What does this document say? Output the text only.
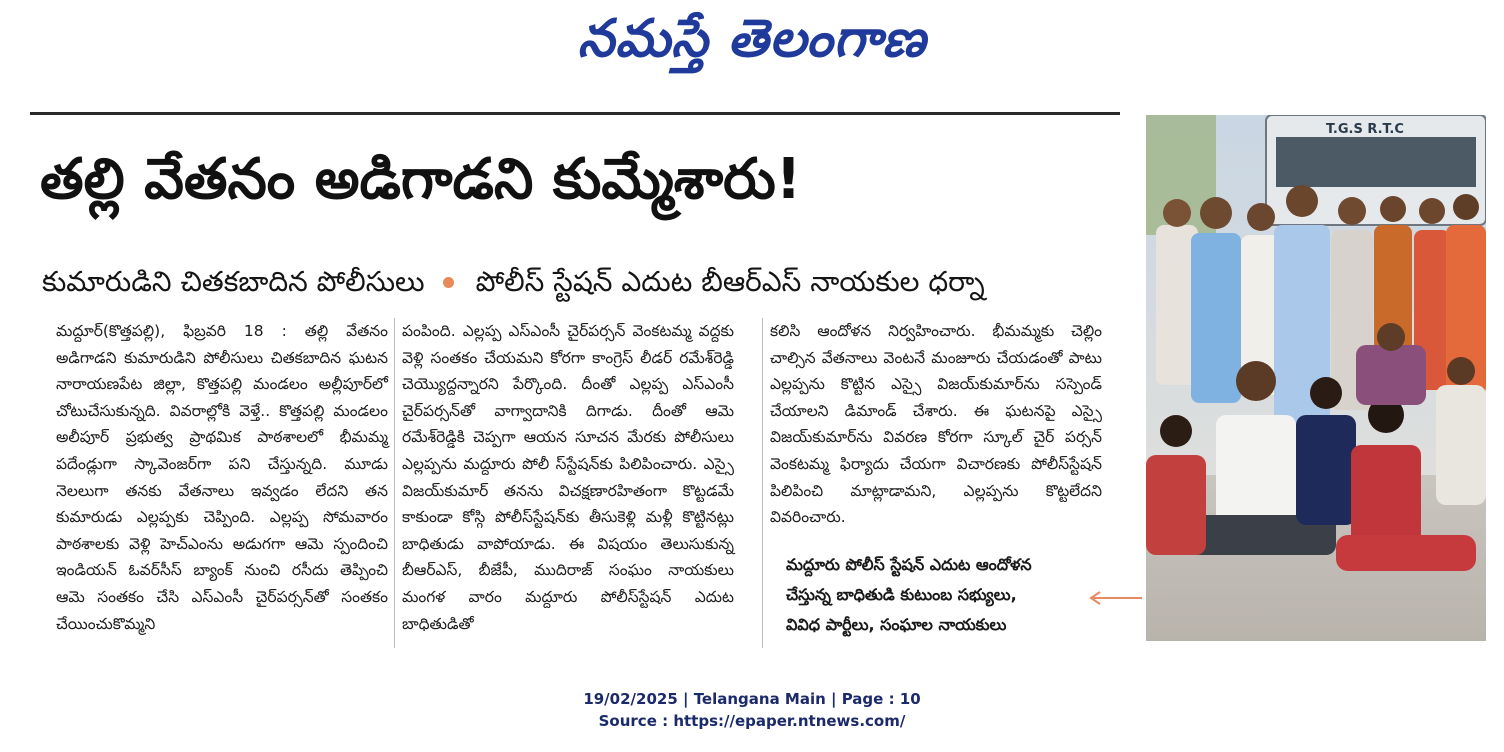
నమస్తే తెలంగాణ
తల్లి వేతనం అడిగాడని కుమ్మేశారు!
కుమారుడిని చితకబాదిన పోలీసులు పోలీస్ స్టేషన్ ఎదుట బీఆర్ఎస్ నాయకుల ధర్నా

మద్దూర్(కొత్తపల్లి), ఫిబ్రవరి 18 : తల్లి వేతనం అడిగాడని కుమారుడిని పోలీసులు చితకబాదిన ఘటన నారాయణపేట జిల్లా, కొత్తపల్లి మండలం అల్లీపూర్‌లో చోటుచేసుకున్నది. వివరాల్లోకి వెళ్తే.. కొత్తపల్లి మండలం అలీపూర్ ప్రభుత్వ ప్రాథమిక పాఠశాలలో భీమమ్మ పదేండ్లుగా స్కావెంజర్‌గా పని చేస్తున్నది. మూడు నెలలుగా తనకు వేతనాలు ఇవ్వడం లేదని తన కుమారుడు ఎల్లప్పకు చెప్పింది. ఎల్లప్ప సోమవారం పాఠశాలకు వెళ్లి హెచ్‌ఎంను అడుగగా ఆమె స్పందించి ఇండియన్ ఓవర్‌సీస్ బ్యాంక్ నుంచి రసీదు తెప్పించి ఆమె సంతకం చేసి ఎస్‌ఎంసీ చైర్‌పర్సన్‌తో సంతకం చేయించుకొమ్మని

పంపింది. ఎల్లప్ప ఎస్‌ఎంసీ చైర్‌పర్సన్ వెంకటమ్మ వద్దకు వెళ్లి సంతకం చేయమని కోరగా కాంగ్రెస్ లీడర్ రమేశ్‌రెడ్డి చెయ్యొద్దన్నారని పేర్కొంది. దీంతో ఎల్లప్ప ఎస్‌ఎంసీ చైర్‌పర్సన్‌తో వాగ్వాదానికి దిగాడు. దీంతో ఆమె రమేశ్‌రెడ్డికి చెప్పగా ఆయన సూచన మేరకు పోలీసులు ఎల్లప్పను మద్దూరు పోలీ స్‌స్టేషన్‌కు పిలిపించారు. ఎస్సై విజయ్‌కుమార్ తనను విచక్షణారహితంగా కొట్టడమే కాకుండా కోస్గి పోలీస్‌స్టేషన్‌కు తీసుకెళ్లి మళ్లీ కొట్టినట్లు బాధితుడు వాపోయాడు. ఈ విషయం తెలుసుకున్న బీఆర్‌ఎస్, బీజేపీ, ముదిరాజ్ సంఘం నాయకులు మంగళ వారం మద్దూరు పోలీస్‌స్టేషన్ ఎదుట బాధితుడితో

కలిసి ఆందోళన నిర్వహించారు. భీమమ్మకు చెల్లిం చాల్సిన వేతనాలు వెంటనే మంజూరు చేయడంతో పాటు ఎల్లప్పను కొట్టిన ఎస్సై విజయ్‌కుమార్‌ను సస్పెండ్ చేయాలని డిమాండ్ చేశారు. ఈ ఘటనపై ఎస్సై విజయ్‌కుమార్‌ను వివరణ కోరగా స్కూల్ చైర్ పర్సన్ వెంకటమ్మ ఫిర్యాదు చేయగా విచారణకు పోలీస్‌స్టేషన్ పిలిపించి మాట్లాడామని, ఎల్లప్పను కొట్టలేదని వివరించారు.

మద్దూరు పోలీస్ స్టేషన్ ఎదుట ఆందోళన

చేస్తున్న బాధితుడి కుటుంబ సభ్యులు,

వివిధ పార్టీలు, సంఘాల నాయకులు

T.G.S R.T.C
19/02/2025 | Telangana Main | Page : 10
Source : https://epaper.ntnews.com/
